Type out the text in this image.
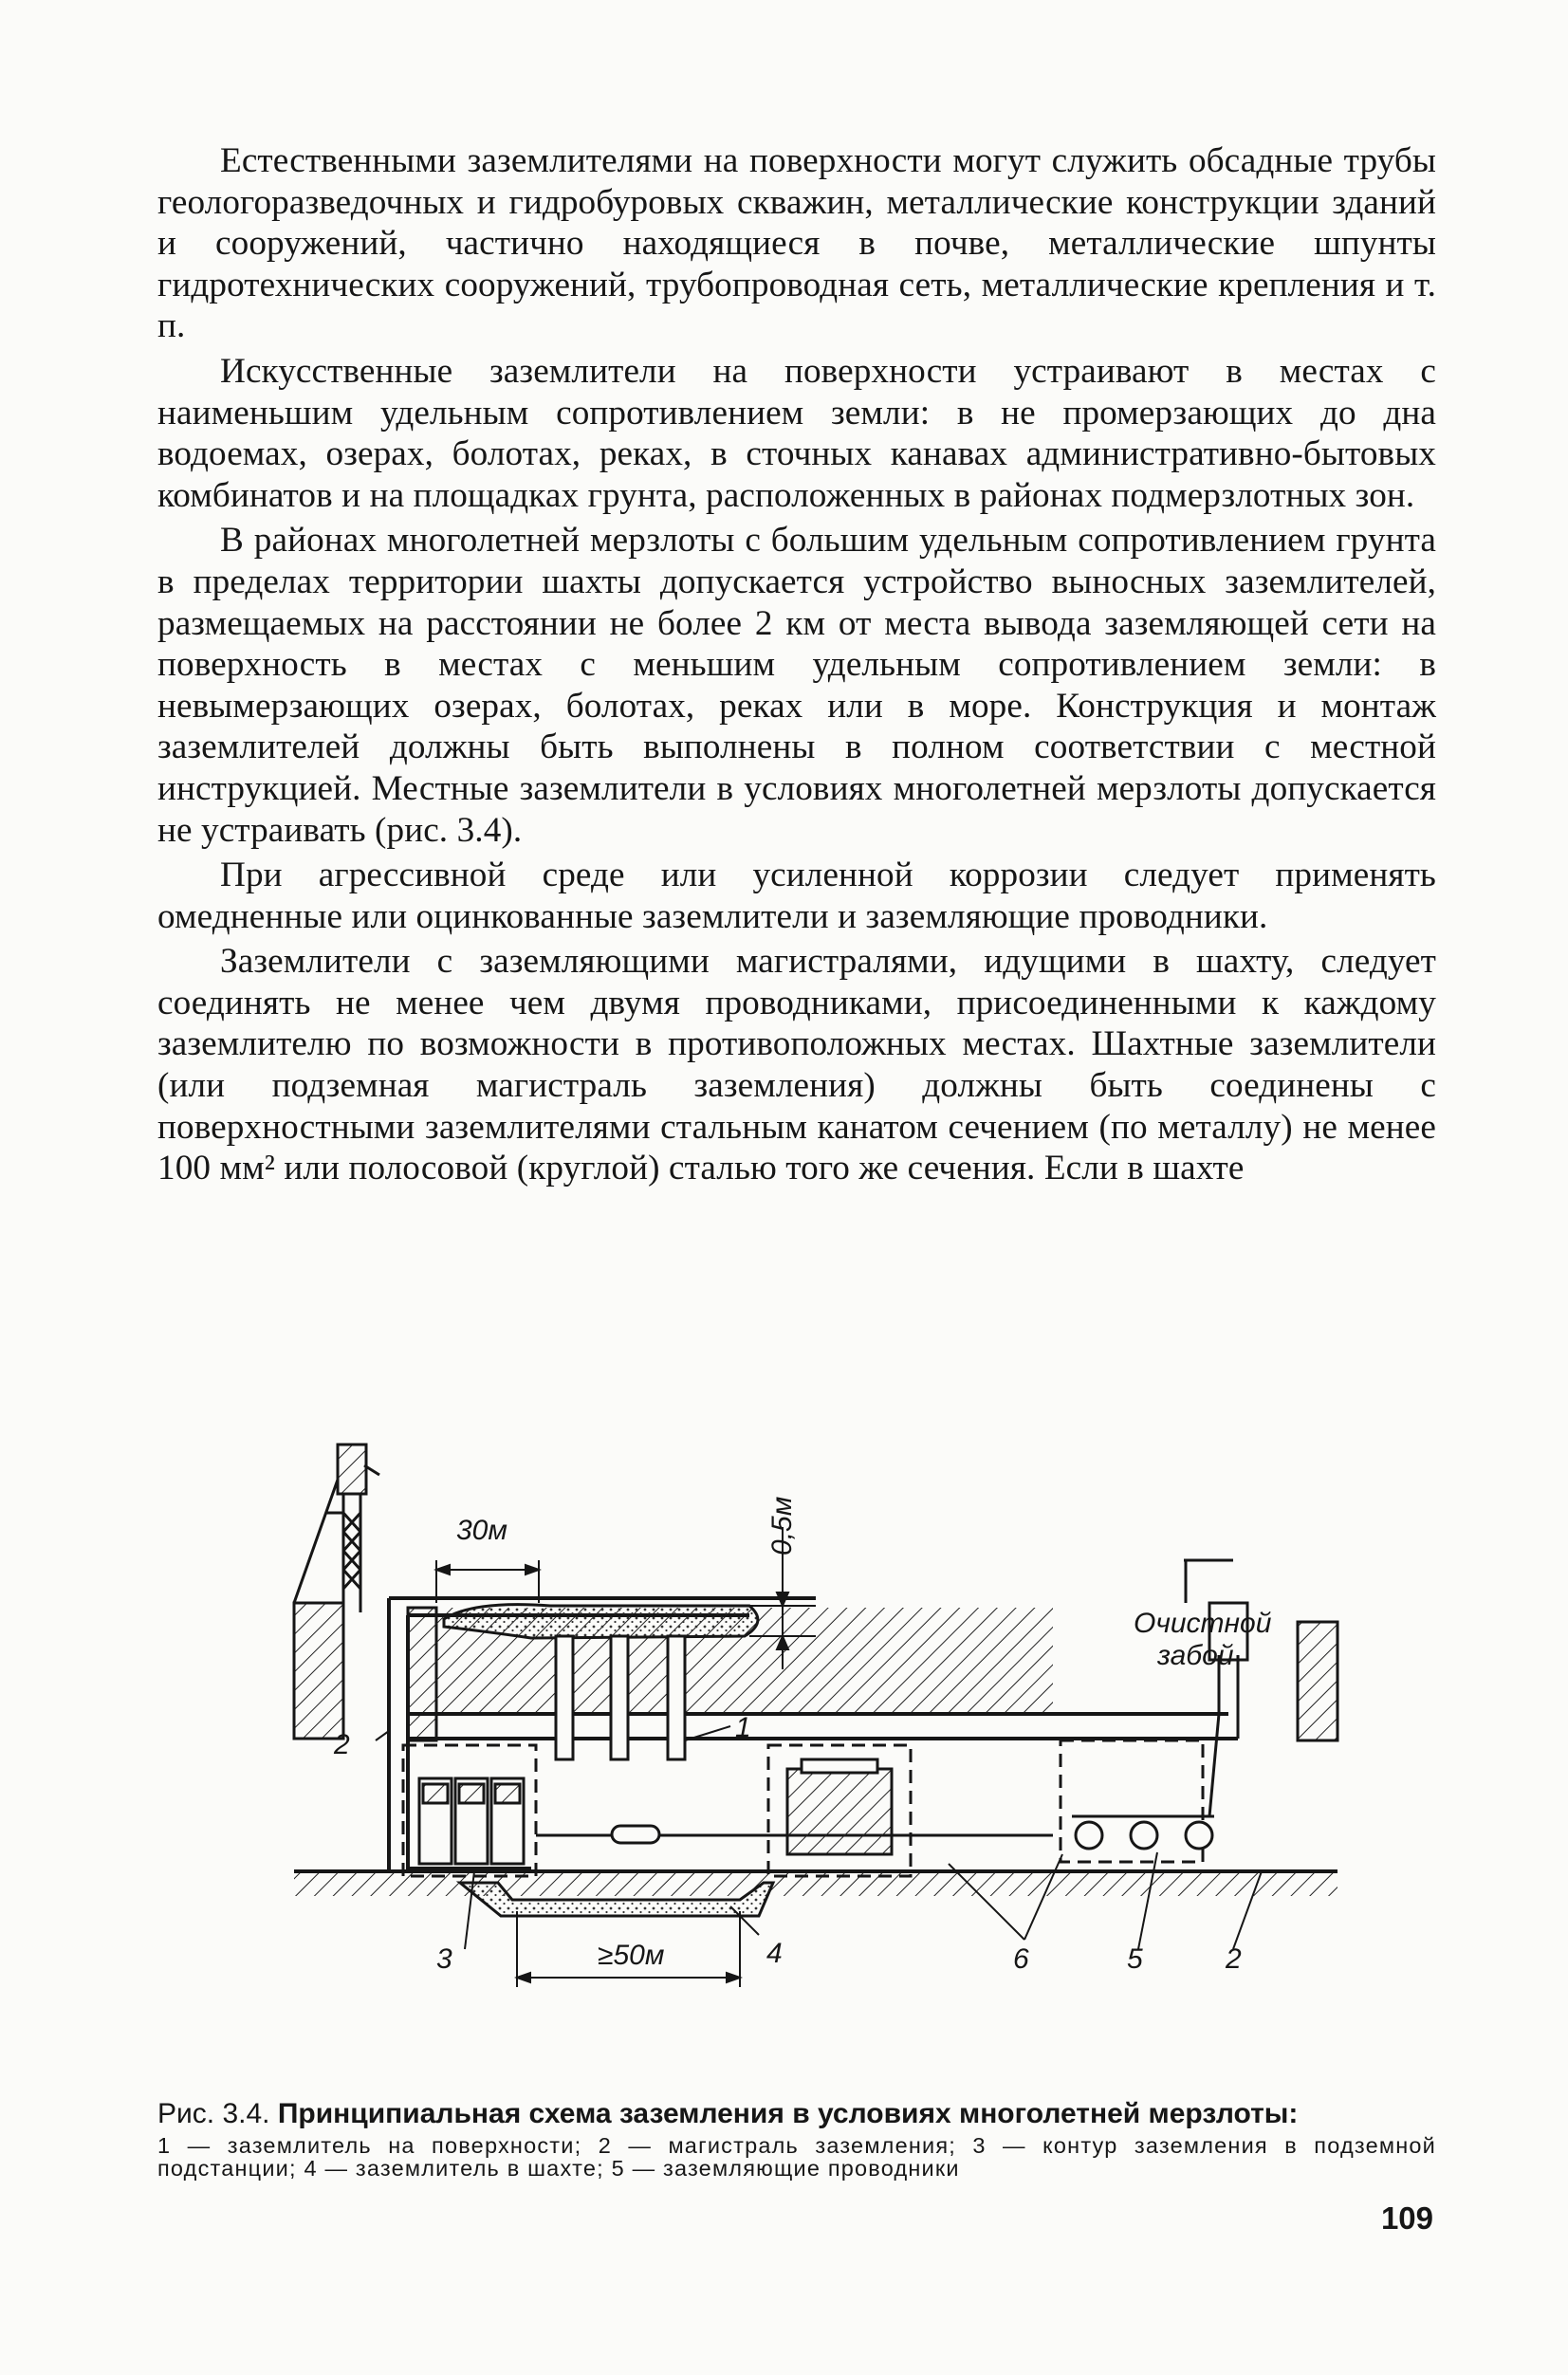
Естественными заземлителями на поверхности могут служить обсадные трубы геологоразведочных и гидробуровых скважин, металлические конструкции зданий и сооружений, частично находящиеся в почве, металлические шпунты гидротехнических сооружений, трубопроводная сеть, металлические крепления и т. п.

Искусственные заземлители на поверхности устраивают в местах с наименьшим удельным сопротивлением земли: в не промерзающих до дна водоемах, озерах, болотах, реках, в сточных канавах административно-бытовых комбинатов и на площадках грунта, расположенных в районах подмерзлотных зон.

В районах многолетней мерзлоты с большим удельным сопротивлением грунта в пределах территории шахты допускается устройство выносных заземлителей, размещаемых на расстоянии не более 2 км от места вывода заземляющей сети на поверхность в местах с меньшим удельным сопротивлением земли: в невымерзающих озерах, болотах, реках или в море. Конструкция и монтаж заземлителей должны быть выполнены в полном соответствии с местной инструкцией. Местные заземлители в условиях многолетней мерзлоты допускается не устраивать (рис. 3.4).

При агрессивной среде или усиленной коррозии следует применять омедненные или оцинкованные заземлители и заземляющие проводники.

Заземлители с заземляющими магистралями, идущими в шахту, следует соединять не менее чем двумя проводниками, присоединенными к каждому заземлителю по возможности в противоположных местах. Шахтные заземлители (или подземная магистраль заземления) должны быть соединены с поверхностными заземлителями стальным канатом сечением (по металлу) не менее 100 мм² или полосовой (круглой) сталью того же сечения. Если в шахте

30м	0,5м
Очистной
забой
1
2
3	≥50м	4	6	5	2
Рис. 3.4. Принципиальная схема заземления в условиях многолетней мерзлоты:
1 — заземлитель на поверхности; 2 — магистраль заземления; 3 — контур заземления в подземной подстанции; 4 — заземлитель в шахте; 5 — заземляющие проводники
109
